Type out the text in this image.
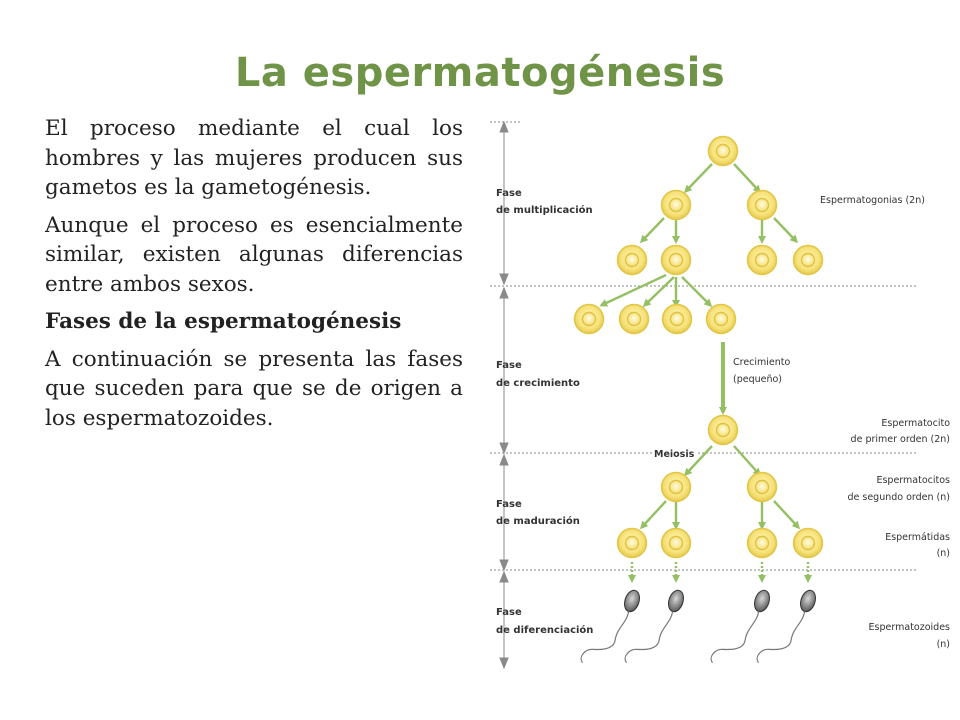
La espermatogénesis

El proceso mediante el cual los hombres y las mujeres producen sus gametos es la gametogénesis.

Aunque el proceso es esencialmente similar, existen algunas diferencias entre ambos sexos.

Fases de la espermatogénesis

A continuación se presenta las fases que suceden para que se de origen a los espermatozoides.

Fase
de multiplicación
Fase
de crecimiento
Fase
de maduración
Fase
de diferenciación
Espermatogonias (2n)
Crecimiento
(pequeño)
Espermatocito
de primer orden (2n)
Meiosis
Espermatocitos
de segundo orden (n)
Espermátidas
(n)
Espermatozoides
(n)
